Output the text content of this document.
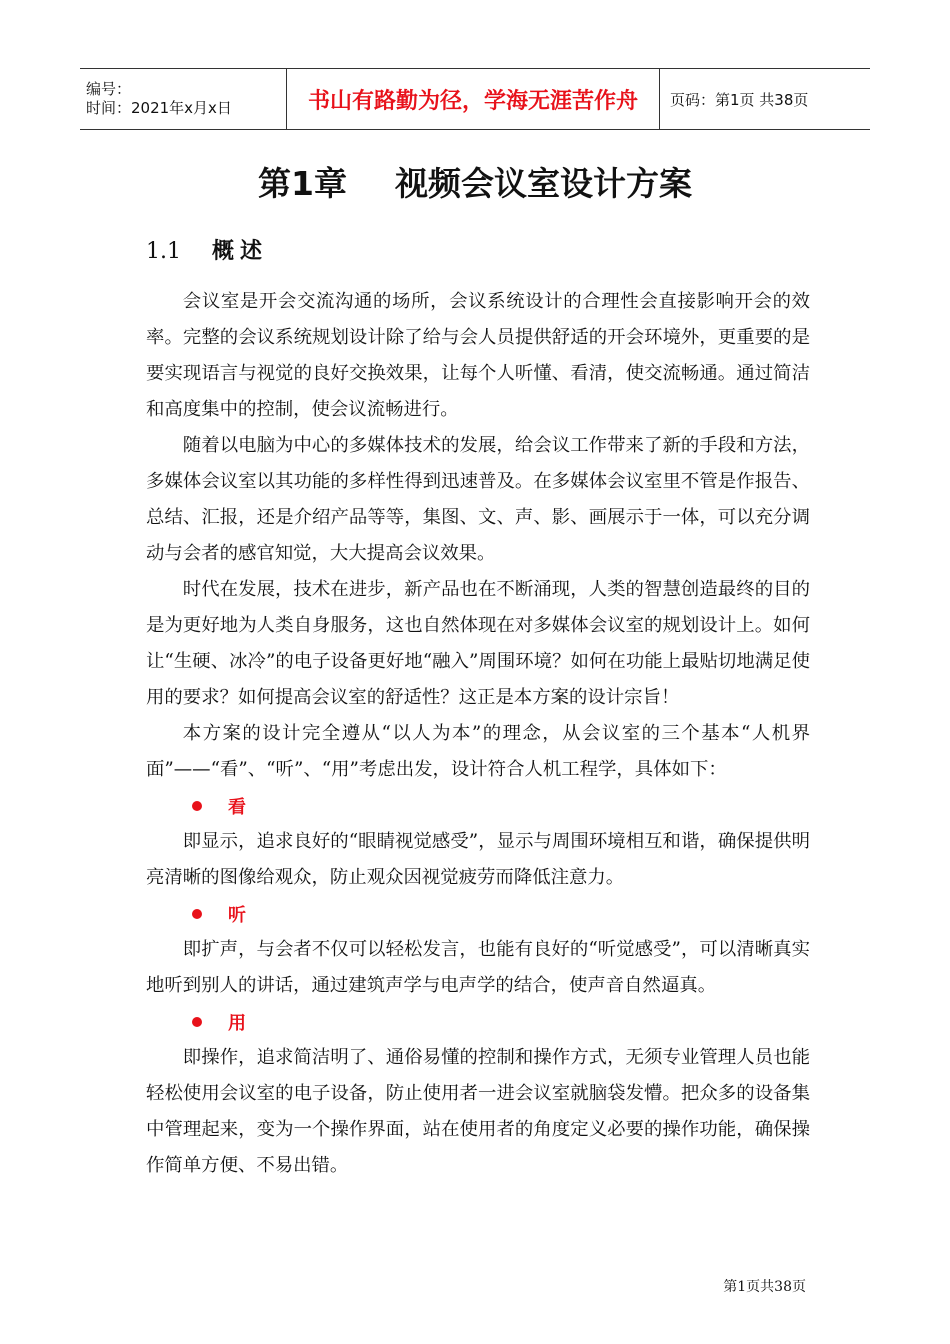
编号：
时间：2021年x月x日	书山有路勤为径，学海无涯苦作舟	页码：第1页 共38页
第1章 视频会议室设计方案
1.1 概述

会议室是开会交流沟通的场所，会议系统设计的合理性会直接影响开会的效率。完整的会议系统规划设计除了给与会人员提供舒适的开会环境外，更重要的是要实现语言与视觉的良好交换效果，让每个人听懂、看清，使交流畅通。通过简洁和高度集中的控制，使会议流畅进行。

随着以电脑为中心的多媒体技术的发展，给会议工作带来了新的手段和方法，多媒体会议室以其功能的多样性得到迅速普及。在多媒体会议室里不管是作报告、总结、汇报，还是介绍产品等等，集图、文、声、影、画展示于一体，可以充分调动与会者的感官知觉，大大提高会议效果。

时代在发展，技术在进步，新产品也在不断涌现，人类的智慧创造最终的目的是为更好地为人类自身服务，这也自然体现在对多媒体会议室的规划设计上。如何让“生硬、冰冷”的电子设备更好地“融入”周围环境？如何在功能上最贴切地满足使用的要求？如何提高会议室的舒适性？这正是本方案的设计宗旨！

本方案的设计完全遵从“以人为本”的理念，从会议室的三个基本“人机界面”——“看”、“听”、“用”考虑出发，设计符合人机工程学，具体如下：

看

即显示，追求良好的“眼睛视觉感受”，显示与周围环境相互和谐，确保提供明亮清晰的图像给观众，防止观众因视觉疲劳而降低注意力。

听

即扩声，与会者不仅可以轻松发言，也能有良好的“听觉感受”，可以清晰真实地听到别人的讲话，通过建筑声学与电声学的结合，使声音自然逼真。

用

即操作，追求简洁明了、通俗易懂的控制和操作方式，无须专业管理人员也能轻松使用会议室的电子设备，防止使用者一进会议室就脑袋发懵。把众多的设备集中管理起来，变为一个操作界面，站在使用者的角度定义必要的操作功能，确保操作简单方便、不易出错。

第1页共38页
